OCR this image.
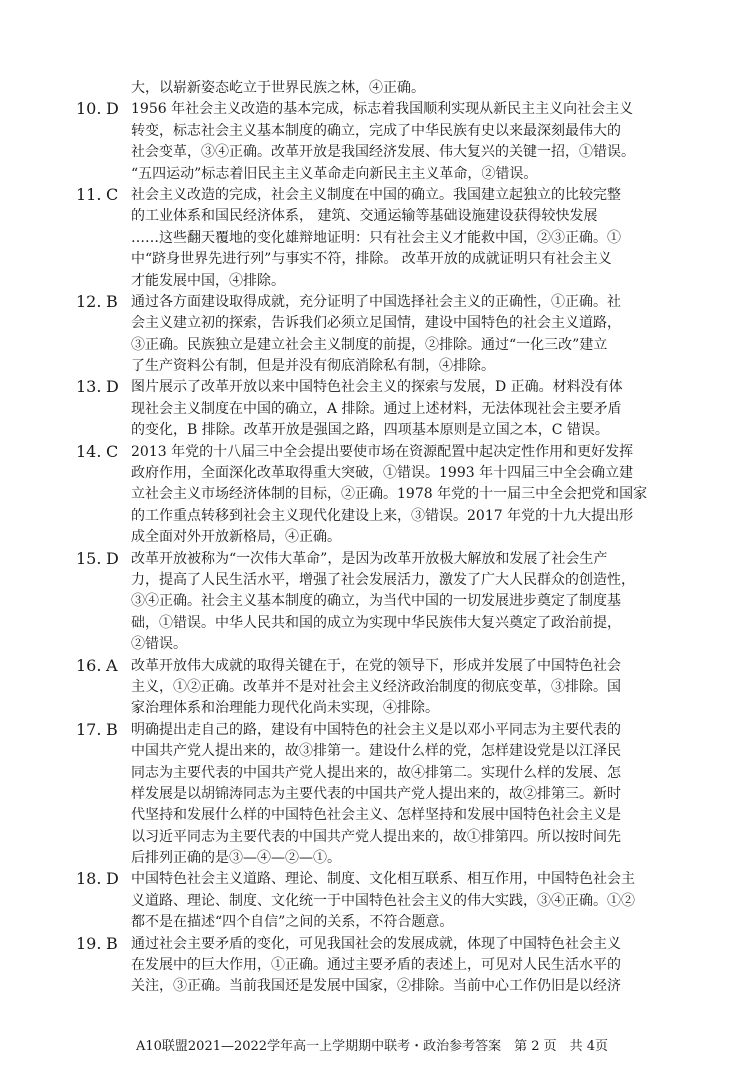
大，以崭新姿态屹立于世界民族之林，④正确。
10. D 1956 年社会主义改造的基本完成，标志着我国顺利实现从新民主主义向社会主义
转变，标志社会主义基本制度的确立，完成了中华民族有史以来最深刻最伟大的
社会变革，③④正确。改革开放是我国经济发展、伟大复兴的关键一招，①错误。
“五四运动”标志着旧民主主义革命走向新民主主义革命，②错误。
11. C 社会主义改造的完成，社会主义制度在中国的确立。我国建立起独立的比较完整
的工业体系和国民经济体系， 建筑、交通运输等基础设施建设获得较快发展
……这些翻天覆地的变化雄辩地证明：只有社会主义才能救中国，②③正确。①
中“跻身世界先进行列”与事实不符，排除。 改革开放的成就证明只有社会主义
才能发展中国，④排除。
12. B 通过各方面建设取得成就，充分证明了中国选择社会主义的正确性，①正确。社
会主义建立初的探索，告诉我们必须立足国情，建设中国特色的社会主义道路，
③正确。民族独立是建立社会主义制度的前提，②排除。通过“一化三改”建立
了生产资料公有制，但是并没有彻底消除私有制，④排除。
13. D 图片展示了改革开放以来中国特色社会主义的探索与发展，D 正确。材料没有体
现社会主义制度在中国的确立，A 排除。通过上述材料，无法体现社会主要矛盾
的变化，B 排除。改革开放是强国之路，四项基本原则是立国之本，C 错误。
14. C 2013 年党的十八届三中全会提出要使市场在资源配置中起决定性作用和更好发挥
政府作用，全面深化改革取得重大突破，①错误。1993 年十四届三中全会确立建
立社会主义市场经济体制的目标，②正确。1978 年党的十一届三中全会把党和国家
的工作重点转移到社会主义现代化建设上来，③错误。2017 年党的十九大提出形
成全面对外开放新格局，④正确。
15. D 改革开放被称为“一次伟大革命”，是因为改革开放极大解放和发展了社会生产
力，提高了人民生活水平，增强了社会发展活力，激发了广大人民群众的创造性，
③④正确。社会主义基本制度的确立，为当代中国的一切发展进步奠定了制度基
础，①错误。中华人民共和国的成立为实现中华民族伟大复兴奠定了政治前提，
②错误。
16. A 改革开放伟大成就的取得关键在于，在党的领导下，形成并发展了中国特色社会
主义，①②正确。改革并不是对社会主义经济政治制度的彻底变革，③排除。国
家治理体系和治理能力现代化尚未实现，④排除。
17. B 明确提出走自己的路，建设有中国特色的社会主义是以邓小平同志为主要代表的
中国共产党人提出来的，故③排第一。建设什么样的党，怎样建设党是以江泽民
同志为主要代表的中国共产党人提出来的，故④排第二。实现什么样的发展、怎
样发展是以胡锦涛同志为主要代表的中国共产党人提出来的，故②排第三。新时
代坚持和发展什么样的中国特色社会主义、怎样坚持和发展中国特色社会主义是
以习近平同志为主要代表的中国共产党人提出来的，故①排第四。所以按时间先
后排列正确的是③—④—②—①。
18. D 中国特色社会主义道路、理论、制度、文化相互联系、相互作用，中国特色社会主
义道路、理论、制度、文化统一于中国特色社会主义的伟大实践，③④正确。①②
都不是在描述“四个自信”之间的关系，不符合题意。
19. B 通过社会主要矛盾的变化，可见我国社会的发展成就，体现了中国特色社会主义
在发展中的巨大作用，①正确。通过主要矛盾的表述上，可见对人民生活水平的
关注，③正确。当前我国还是发展中国家，②排除。当前中心工作仍旧是以经济
A10联盟2021—2022学年高一上学期期中联考・政治参考答案　第 2 页　共 4页
